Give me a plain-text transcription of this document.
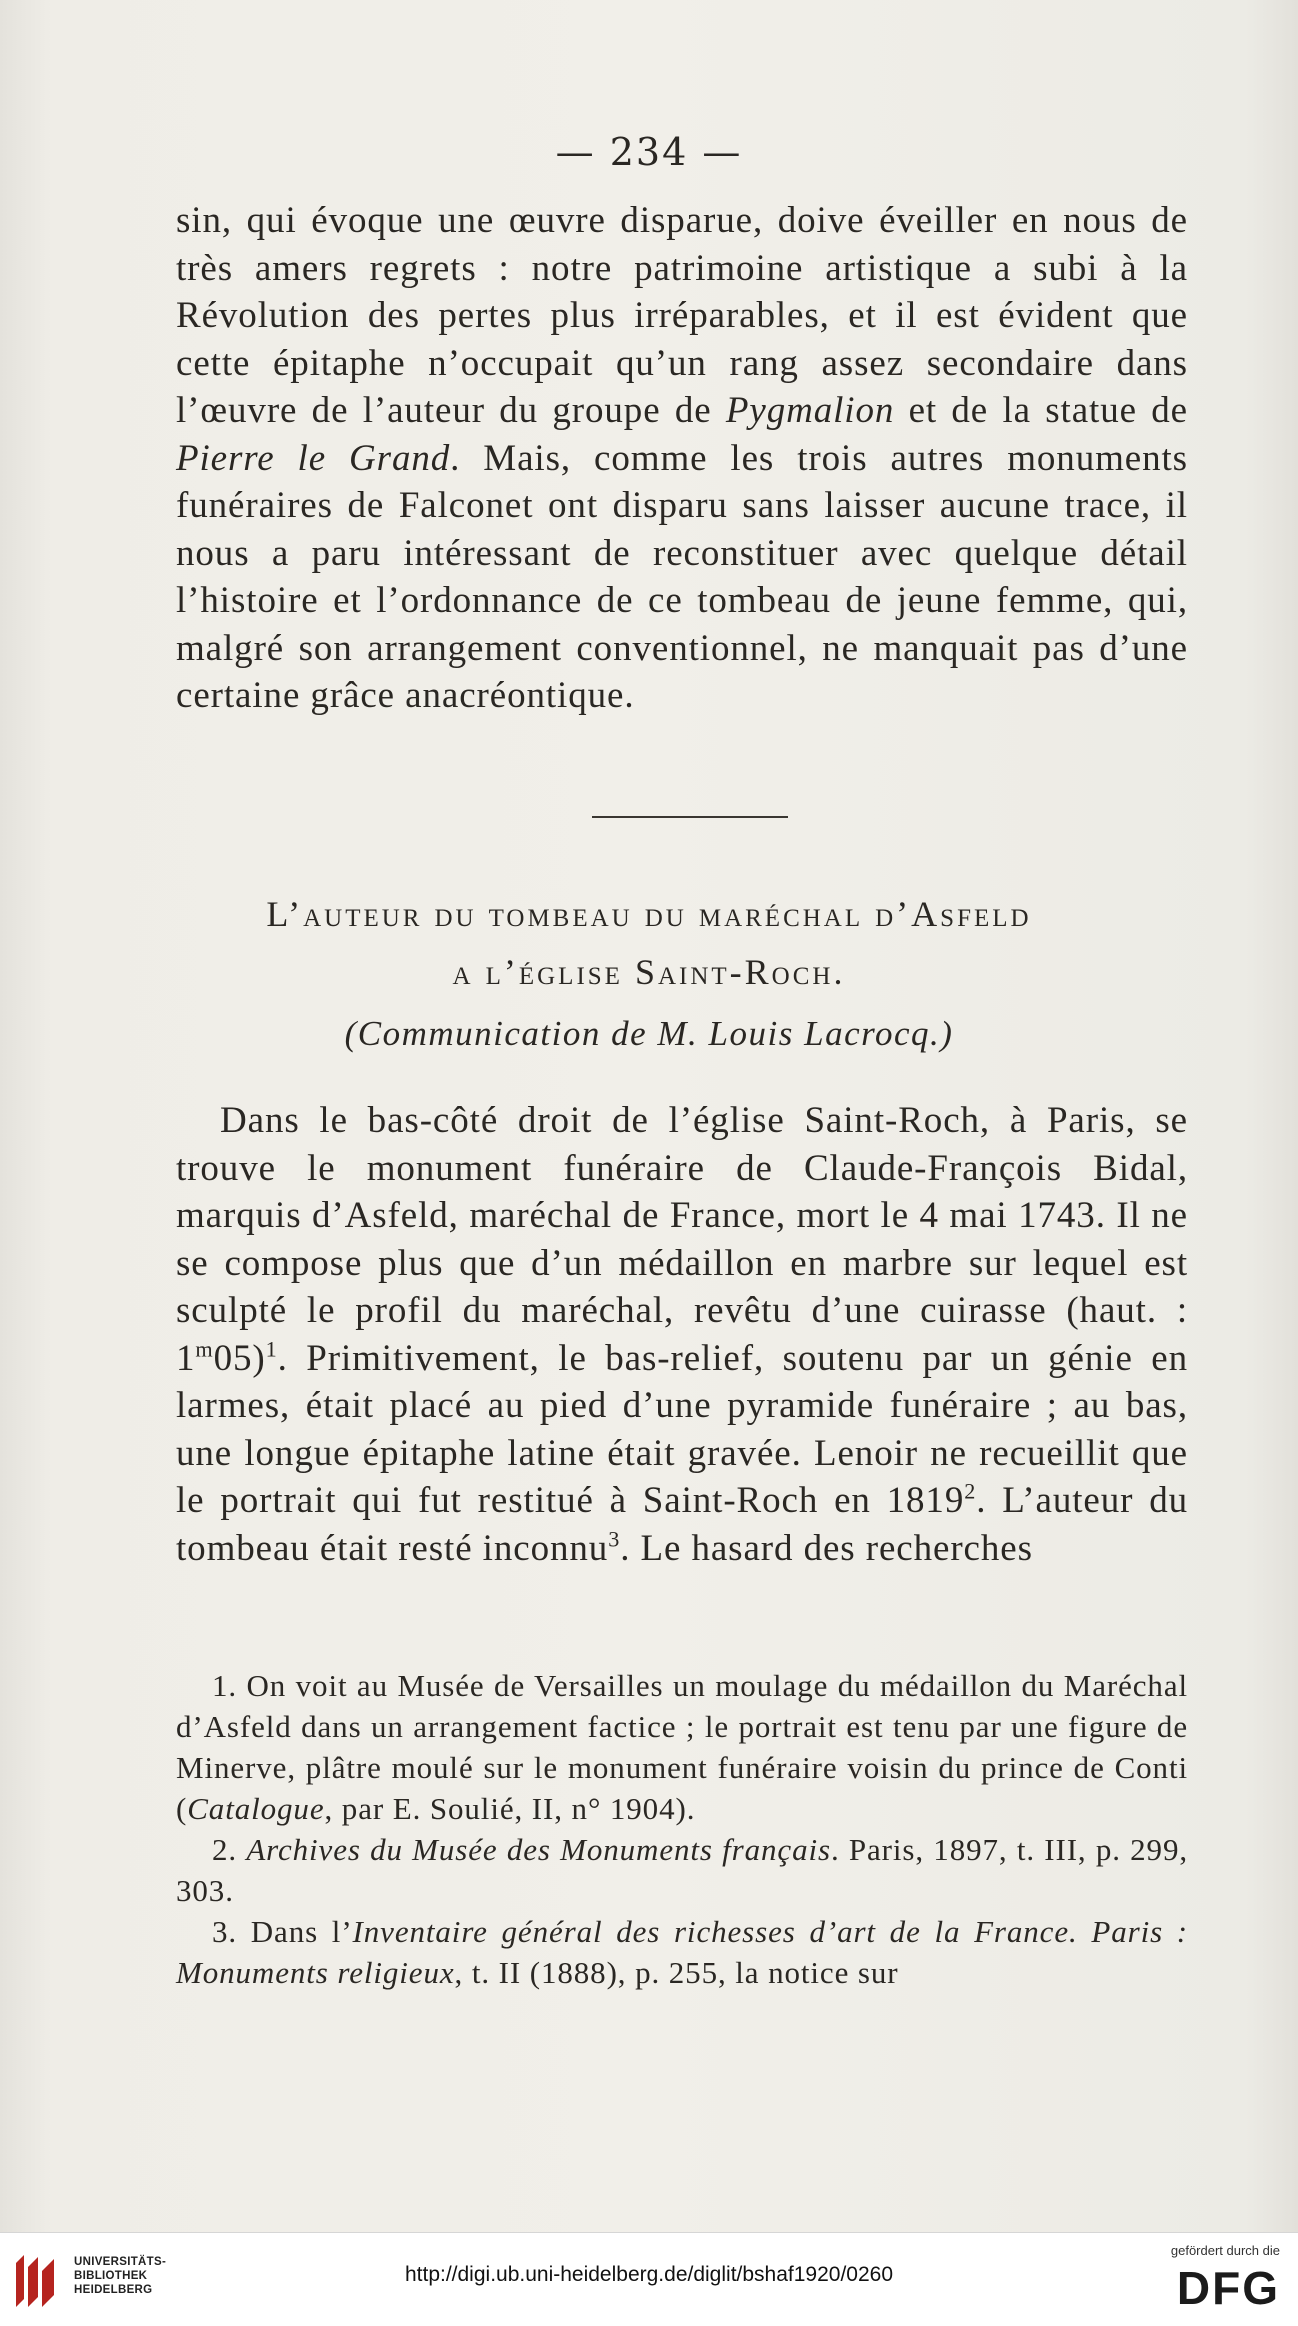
— 234 —
sin, qui évoque une œuvre disparue, doive éveiller en nous de très amers regrets : notre patrimoine artistique a subi à la Révolution des pertes plus irréparables, et il est évident que cette épitaphe n’occupait qu’un rang assez secondaire dans l’œuvre de l’auteur du groupe de Pygmalion et de la statue de Pierre le Grand. Mais, comme les trois autres monuments funéraires de Falconet ont disparu sans laisser aucune trace, il nous a paru intéressant de reconstituer avec quelque détail l’histoire et l’ordonnance de ce tombeau de jeune femme, qui, malgré son arrangement conventionnel, ne manquait pas d’une certaine grâce anacréontique.
L’auteur du tombeau du maréchal d’Asfeld
a l’église Saint-Roch.
(Communication de M. Louis Lacrocq.)
Dans le bas-côté droit de l’église Saint-Roch, à Paris, se trouve le monument funéraire de Claude-François Bidal, marquis d’Asfeld, maréchal de France, mort le 4 mai 1743. Il ne se compose plus que d’un médaillon en marbre sur lequel est sculpté le profil du maréchal, revêtu d’une cuirasse (haut. : 1$^m$05)$^1$. Primitivement, le bas-relief, soutenu par un génie en larmes, était placé au pied d’une pyramide funéraire ; au bas, une longue épitaphe latine était gravée. Lenoir ne recueillit que le portrait qui fut restitué à Saint-Roch en 1819$^2$. L’auteur du tombeau était resté inconnu$^3$. Le hasard des recherches

1. On voit au Musée de Versailles un moulage du médaillon du Maréchal d’Asfeld dans un arrangement factice ; le portrait est tenu par une figure de Minerve, plâtre moulé sur le monument funéraire voisin du prince de Conti (Catalogue, par E. Soulié, II, n° 1904).

2. Archives du Musée des Monuments français. Paris, 1897, t. III, p. 299, 303.

3. Dans l’Inventaire général des richesses d’art de la France. Paris : Monuments religieux, t. II (1888), p. 255, la notice sur

UNIVERSITÄTS-
BIBLIOTHEK
HEIDELBERG
http://digi.ub.uni-heidelberg.de/diglit/bshaf1920/0260
gefördert durch die
DFG
